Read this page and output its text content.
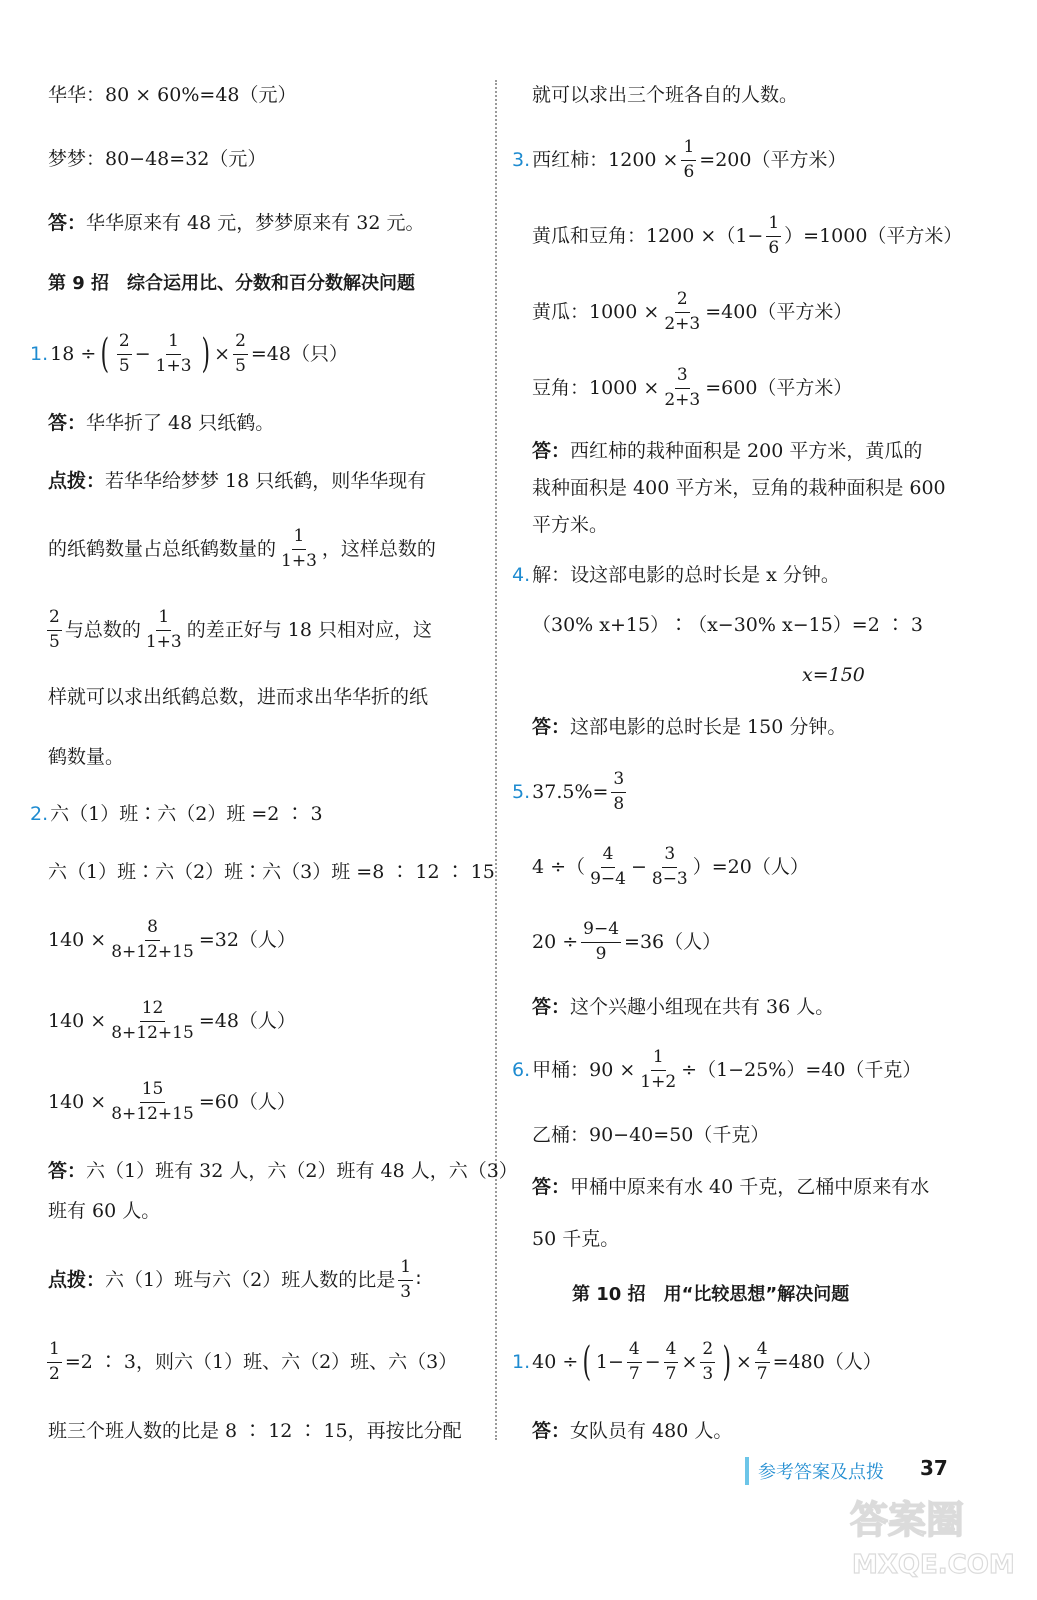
华华：80 × 60%=48（元）
梦梦：80−48=32（元）
答： 华华原来有 48 元，梦梦原来有 32 元。
第 9 招　综合运用比、分数和百分数解决问题
1. 18 ÷ ( $\frac{2}{5} - \frac{1}{1+3}$ ) × $\frac{2}{5} =48$（只）
答： 华华折了 48 只纸鹤。
点拨： 若华华给梦梦 18 只纸鹤，则华华现有
的纸鹤数量占总纸鹤数量的 $\frac{1}{1+3}$ ，这样总数的
$\frac{2}{5}$ 与总数的 $\frac{1}{1+3}$ 的差正好与 18 只相对应，这
样就可以求出纸鹤总数，进而求出华华折的纸
鹤数量。
2. 六（1）班∶六（2）班 =2 ∶ 3
六（1）班∶六（2）班∶六（3）班 =8 ∶ 12 ∶ 15
$140 \times \frac{8}{8+12+15} =32$（人）
$140 \times \frac{12}{8+12+15} =48$（人）
$140 \times \frac{15}{8+12+15} =60$（人）
答： 六（1）班有 32 人，六（2）班有 48 人，六（3）
班有 60 人。
点拨： 六（1）班与六（2）班人数的比是 $\frac{1}{3}$ ∶
$\frac{1}{2} =2$ ∶ 3，则六（1）班、六（2）班、六（3）
班三个班人数的比是 8 ∶ 12 ∶ 15，再按比分配
就可以求出三个班各自的人数。
3. 西红柿：$1200 \times \frac{1}{6} =200$（平方米）
黄瓜和豆角：$1200 \times(1- \frac{1}{6} )=1000$（平方米）
黄瓜：$1000 \times \frac{2}{2+3} =400$（平方米）
豆角：$1000 \times \frac{3}{2+3} =600$（平方米）
答： 西红柿的栽种面积是 200 平方米，黄瓜的
栽种面积是 400 平方米，豆角的栽种面积是 600
平方米。
4. 解：设这部电影的总时长是 x 分钟。
（30% x+15）∶（x−30% x−15）=2 ∶ 3
x=150
答： 这部电影的总时长是 150 分钟。
5. $37.5\%= \frac{3}{8}$
4 ÷（ $\frac{4}{9-4} - \frac{3}{8-3} )=20$（人）
$20 \div \frac{9-4}{9} =36$（人）
答： 这个兴趣小组现在共有 36 人。
6. 甲桶：$90 \times \frac{1}{1+2} \div(1-25\%)=40$（千克）
乙桶：90−40=50（千克）
答： 甲桶中原来有水 40 千克，乙桶中原来有水
50 千克。
第 10 招　用“比较思想”解决问题
1. 40 ÷ ( $1- \frac{4}{7} - \frac{4}{7} \times \frac{2}{3}$ ) × $\frac{4}{7} =480$（人）
答： 女队员有 480 人。
参考答案及点拨 37
答案圈
MXQE.COM
